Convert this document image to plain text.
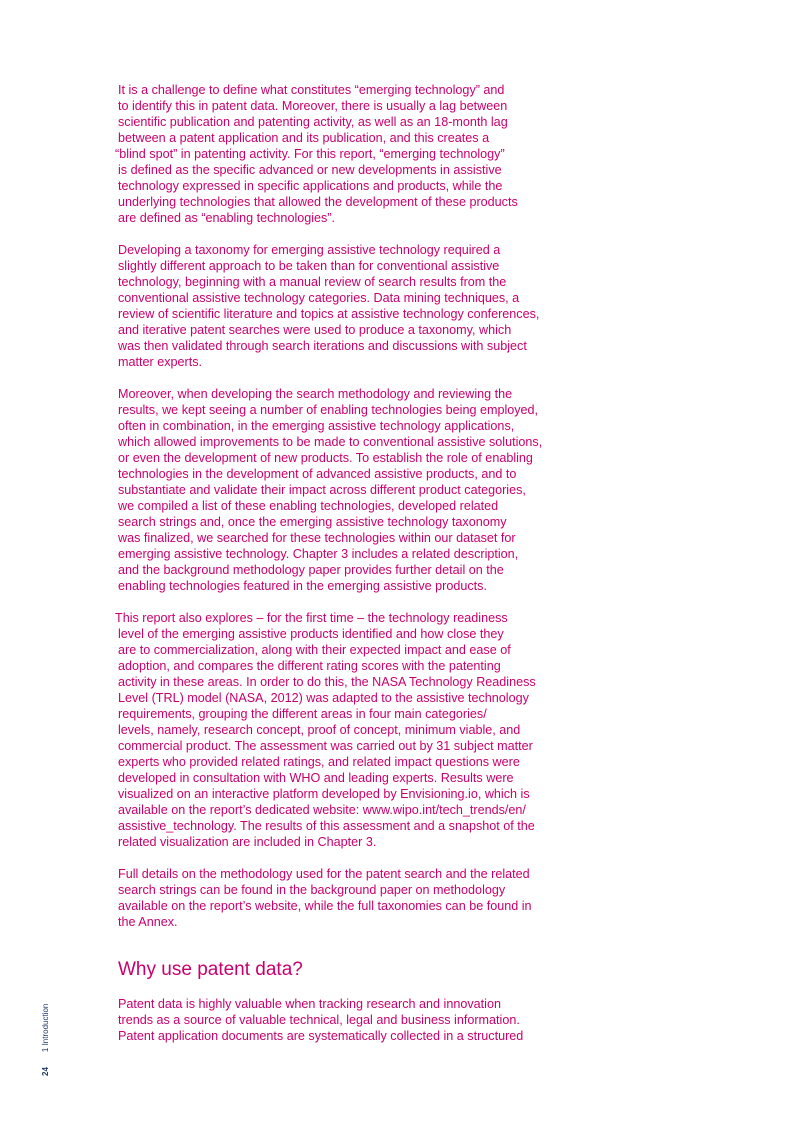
It is a challenge to define what constitutes “emerging technology” and
to identify this in patent data. Moreover, there is usually a lag between
scientific publication and patenting activity, as well as an 18-month lag
between a patent application and its publication, and this creates a
“blind spot” in patenting activity. For this report, “emerging technology”
is defined as the specific advanced or new developments in assistive
technology expressed in specific applications and products, while the
underlying technologies that allowed the development of these products
are defined as “enabling technologies”.

Developing a taxonomy for emerging assistive technology required a
slightly different approach to be taken than for conventional assistive
technology, beginning with a manual review of search results from the
conventional assistive technology categories. Data mining techniques, a
review of scientific literature and topics at assistive technology conferences,
and iterative patent searches were used to produce a taxonomy, which
was then validated through search iterations and discussions with subject
matter experts.

Moreover, when developing the search methodology and reviewing the
results, we kept seeing a number of enabling technologies being employed,
often in combination, in the emerging assistive technology applications,
which allowed improvements to be made to conventional assistive solutions,
or even the development of new products. To establish the role of enabling
technologies in the development of advanced assistive products, and to
substantiate and validate their impact across different product categories,
we compiled a list of these enabling technologies, developed related
search strings and, once the emerging assistive technology taxonomy
was finalized, we searched for these technologies within our dataset for
emerging assistive technology. Chapter 3 includes a related description,
and the background methodology paper provides further detail on the
enabling technologies featured in the emerging assistive products.

This report also explores – for the first time – the technology readiness
level of the emerging assistive products identified and how close they
are to commercialization, along with their expected impact and ease of
adoption, and compares the different rating scores with the patenting
activity in these areas. In order to do this, the NASA Technology Readiness
Level (TRL) model (NASA, 2012) was adapted to the assistive technology
requirements, grouping the different areas in four main categories/
levels, namely, research concept, proof of concept, minimum viable, and
commercial product. The assessment was carried out by 31 subject matter
experts who provided related ratings, and related impact questions were
developed in consultation with WHO and leading experts. Results were
visualized on an interactive platform developed by Envisioning.io, which is
available on the report’s dedicated website: www.wipo.int/tech_trends/en/
assistive_technology. The results of this assessment and a snapshot of the
related visualization are included in Chapter 3.

Full details on the methodology used for the patent search and the related
search strings can be found in the background paper on methodology
available on the report’s website, while the full taxonomies can be found in
the Annex.

Why use patent data?

Patent data is highly valuable when tracking research and innovation
trends as a source of valuable technical, legal and business information.
Patent application documents are systematically collected in a structured

241 Introduction
